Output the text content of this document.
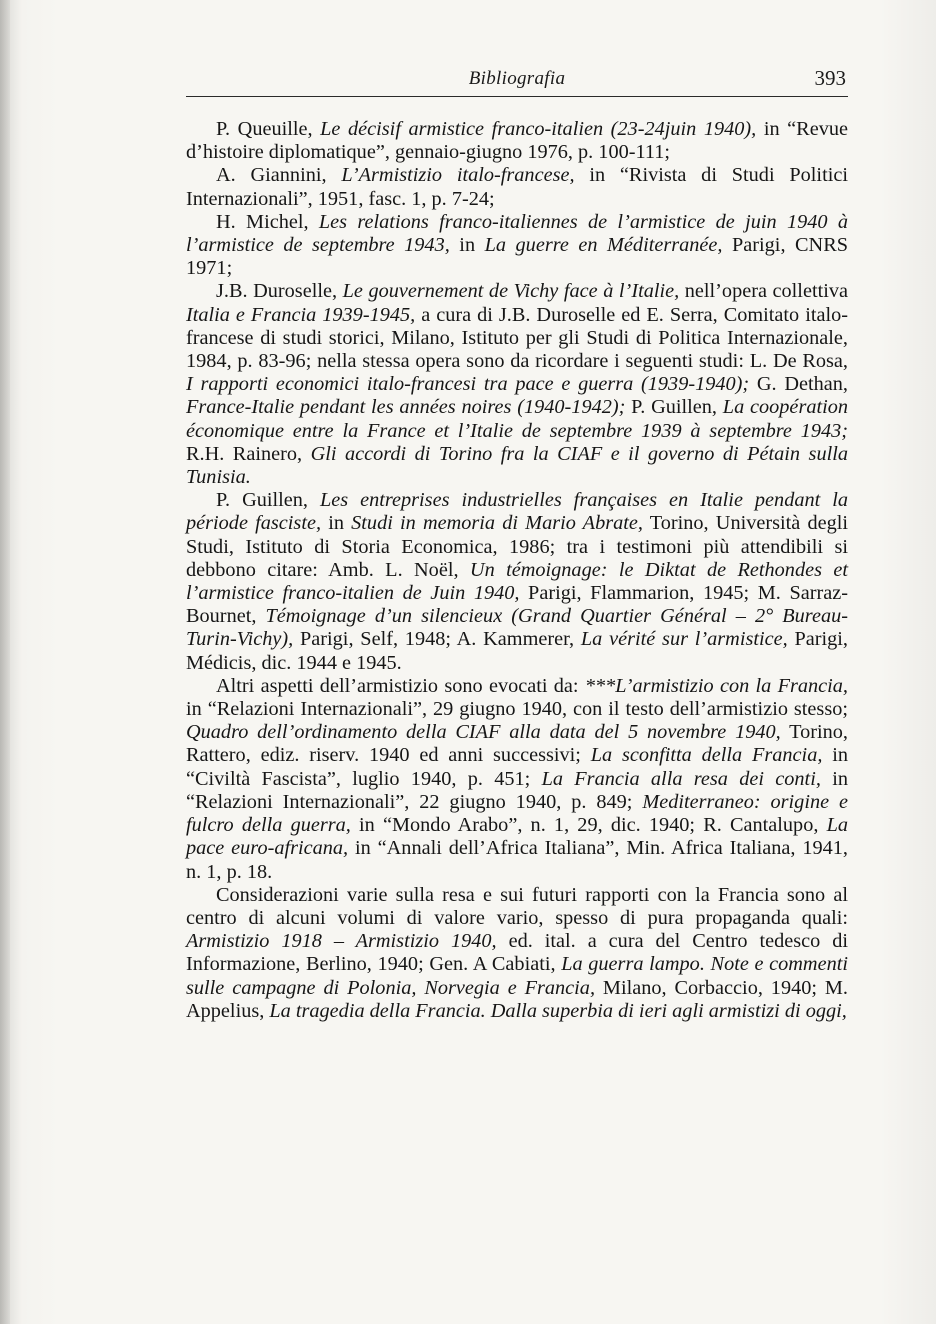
Bibliografia	393

P. Queuille, Le décisif armistice franco-italien (23-24juin 1940), in “Revue d’histoire diplomatique”, gennaio-giugno 1976, p. 100-111;

A. Giannini, L’Armistizio italo-francese, in “Rivista di Studi Politici Internazionali”, 1951, fasc. 1, p. 7-24;

H. Michel, Les relations franco-italiennes de l’armistice de juin 1940 à l’armistice de septembre 1943, in La guerre en Méditerranée, Parigi, CNRS 1971;

J.B. Duroselle, Le gouvernement de Vichy face à l’Italie, nell’opera collettiva Italia e Francia 1939-1945, a cura di J.B. Duroselle ed E. Serra, Comitato italo-francese di studi storici, Milano, Istituto per gli Studi di Politica Internazionale, 1984, p. 83-96; nella stessa opera sono da ricordare i seguenti studi: L. De Rosa, I rapporti economici italo-francesi tra pace e guerra (1939-1940); G. Dethan, France-Italie pendant les années noires (1940-1942); P. Guillen, La coopération économique entre la France et l’Italie de septembre 1939 à septembre 1943; R.H. Rainero, Gli accordi di Torino fra la CIAF e il governo di Pétain sulla Tunisia.

P. Guillen, Les entreprises industrielles françaises en Italie pendant la période fasciste, in Studi in memoria di Mario Abrate, Torino, Università degli Studi, Istituto di Storia Economica, 1986; tra i testimoni più attendibili si debbono citare: Amb. L. Noël, Un témoignage: le Diktat de Rethondes et l’armistice franco-italien de Juin 1940, Parigi, Flammarion, 1945; M. Sarraz-Bournet, Témoignage d’un silencieux (Grand Quartier Général – 2° Bureau-Turin-Vichy), Parigi, Self, 1948; A. Kammerer, La vérité sur l’armistice, Parigi, Médicis, dic. 1944 e 1945.

Altri aspetti dell’armistizio sono evocati da: ***L’armistizio con la Francia, in “Relazioni Internazionali”, 29 giugno 1940, con il testo dell’armistizio stesso; Quadro dell’ordinamento della CIAF alla data del 5 novembre 1940, Torino, Rattero, ediz. riserv. 1940 ed anni successivi; La sconfitta della Francia, in “Civiltà Fascista”, luglio 1940, p. 451; La Francia alla resa dei conti, in “Relazioni Internazionali”, 22 giugno 1940, p. 849; Mediterraneo: origine e fulcro della guerra, in “Mondo Arabo”, n. 1, 29, dic. 1940; R. Cantalupo, La pace euro-africana, in “Annali dell’Africa Italiana”, Min. Africa Italiana, 1941, n. 1, p. 18.

Considerazioni varie sulla resa e sui futuri rapporti con la Francia sono al centro di alcuni volumi di valore vario, spesso di pura propaganda quali: Armistizio 1918 – Armistizio 1940, ed. ital. a cura del Centro tedesco di Informazione, Berlino, 1940; Gen. A Cabiati, La guerra lampo. Note e commenti sulle campagne di Polonia, Norvegia e Francia, Milano, Corbaccio, 1940; M. Appelius, La tragedia della Francia. Dalla superbia di ieri agli armistizi di oggi,
